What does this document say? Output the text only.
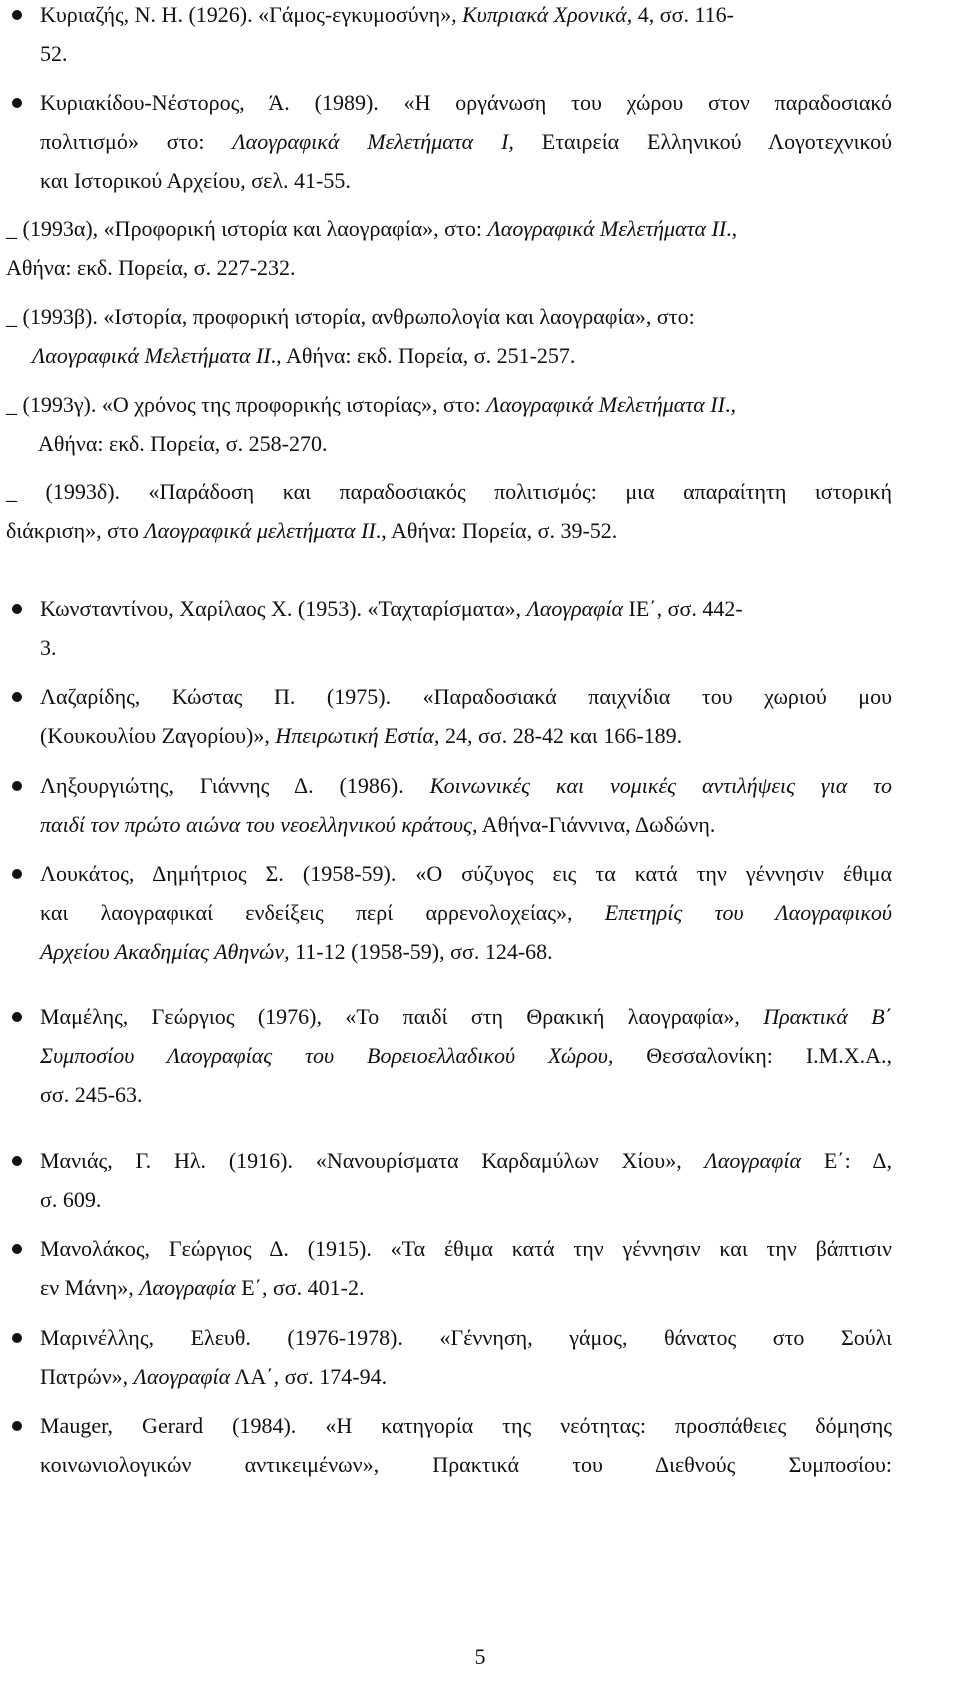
Κυριαζής, Ν. Η. (1926). «Γάμος-εγκυμοσύνη», Κυπριακά Χρονικά, 4, σσ. 116-
52.
Κυριακίδου-Νέστορος, Ά. (1989). «Η οργάνωση του χώρου στον παραδοσιακό
πολιτισμό» στο: Λαογραφικά Μελετήματα Ι, Εταιρεία Ελληνικού Λογοτεχνικού
και Ιστορικού Αρχείου, σελ. 41-55.
_ (1993α), «Προφορική ιστορία και λαογραφία», στο: Λαογραφικά Μελετήματα ΙΙ.,
Αθήνα: εκδ. Πορεία, σ. 227-232.
_ (1993β). «Ιστορία, προφορική ιστορία, ανθρωπολογία και λαογραφία», στο:
Λαογραφικά Μελετήματα ΙΙ., Αθήνα: εκδ. Πορεία, σ. 251-257.
_ (1993γ). «Ο χρόνος της προφορικής ιστορίας», στο: Λαογραφικά Μελετήματα ΙΙ.,
Αθήνα: εκδ. Πορεία, σ. 258-270.
_ (1993δ). «Παράδοση και παραδοσιακός πολιτισμός: μια απαραίτητη ιστορική
διάκριση», στο Λαογραφικά μελετήματα ΙΙ., Αθήνα: Πορεία, σ. 39-52.
Κωνσταντίνου, Χαρίλαος Χ. (1953). «Ταχταρίσματα», Λαογραφία ΙΕ΄, σσ. 442-
3.
Λαζαρίδης, Κώστας Π. (1975). «Παραδοσιακά παιχνίδια του χωριού μου
(Κουκουλίου Ζαγορίου)», Ηπειρωτική Εστία, 24, σσ. 28-42 και 166-189.
Ληξουργιώτης, Γιάννης Δ. (1986). Κοινωνικές και νομικές αντιλήψεις για το
παιδί τον πρώτο αιώνα του νεοελληνικού κράτους, Αθήνα-Γιάννινα, Δωδώνη.
Λουκάτος, Δημήτριος Σ. (1958-59). «Ο σύζυγος εις τα κατά την γέννησιν έθιμα
και λαογραφικαί ενδείξεις περί αρρενολοχείας», Επετηρίς του Λαογραφικού
Αρχείου Ακαδημίας Αθηνών, 11-12 (1958-59), σσ. 124-68.
Μαμέλης, Γεώργιος (1976), «Το παιδί στη Θρακική λαογραφία», Πρακτικά Β΄
Συμποσίου Λαογραφίας του Βορειοελλαδικού Χώρου, Θεσσαλονίκη: Ι.Μ.Χ.Α.,
σσ. 245-63.
Μανιάς, Γ. Ηλ. (1916). «Νανουρίσματα Καρδαμύλων Χίου», Λαογραφία Ε΄: Δ,
σ. 609.
Μανολάκος, Γεώργιος Δ. (1915). «Τα έθιμα κατά την γέννησιν και την βάπτισιν
εν Μάνη», Λαογραφία Ε΄, σσ. 401-2.
Μαρινέλλης, Ελευθ. (1976-1978). «Γέννηση, γάμος, θάνατος στο Σούλι
Πατρών», Λαογραφία ΛΑ΄, σσ. 174-94.
Mauger, Gerard (1984). «Η κατηγορία της νεότητας: προσπάθειες δόμησης
κοινωνιολογικών αντικειμένων», Πρακτικά του Διεθνούς Συμποσίου:
5
